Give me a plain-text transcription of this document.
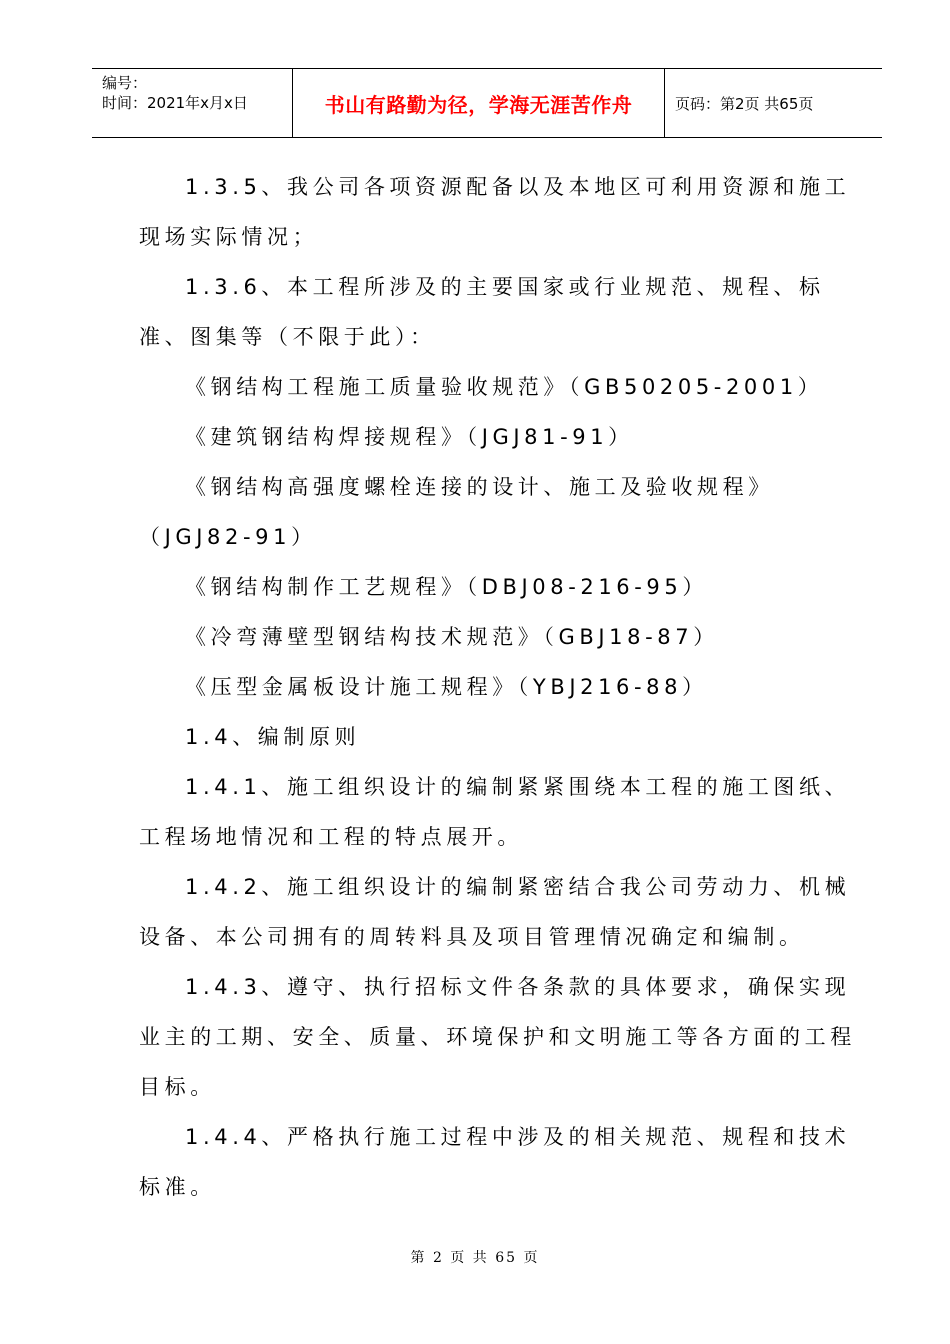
编号：
时间：2021年x月x日	书山有路勤为径，学海无涯苦作舟	页码：第2页 共65页

1.3.5、我公司各项资源配备以及本地区可利用资源和施工现场实际情况；

1.3.6、本工程所涉及的主要国家或行业规范、规程、标准、图集等（不限于此）：

《钢结构工程施工质量验收规范》（GB50205-2001）

《建筑钢结构焊接规程》（JGJ81-91）

《钢结构高强度螺栓连接的设计、施工及验收规程》

（JGJ82-91）

《钢结构制作工艺规程》（DBJ08-216-95）

《冷弯薄壁型钢结构技术规范》（GBJ18-87）

《压型金属板设计施工规程》（YBJ216-88）

1.4、编制原则

1.4.1、施工组织设计的编制紧紧围绕本工程的施工图纸、工程场地情况和工程的特点展开。

1.4.2、施工组织设计的编制紧密结合我公司劳动力、机械设备、本公司拥有的周转料具及项目管理情况确定和编制。

1.4.3、遵守、执行招标文件各条款的具体要求，确保实现业主的工期、安全、质量、环境保护和文明施工等各方面的工程目标。

1.4.4、严格执行施工过程中涉及的相关规范、规程和技术标准。

第 2 页 共 65 页
